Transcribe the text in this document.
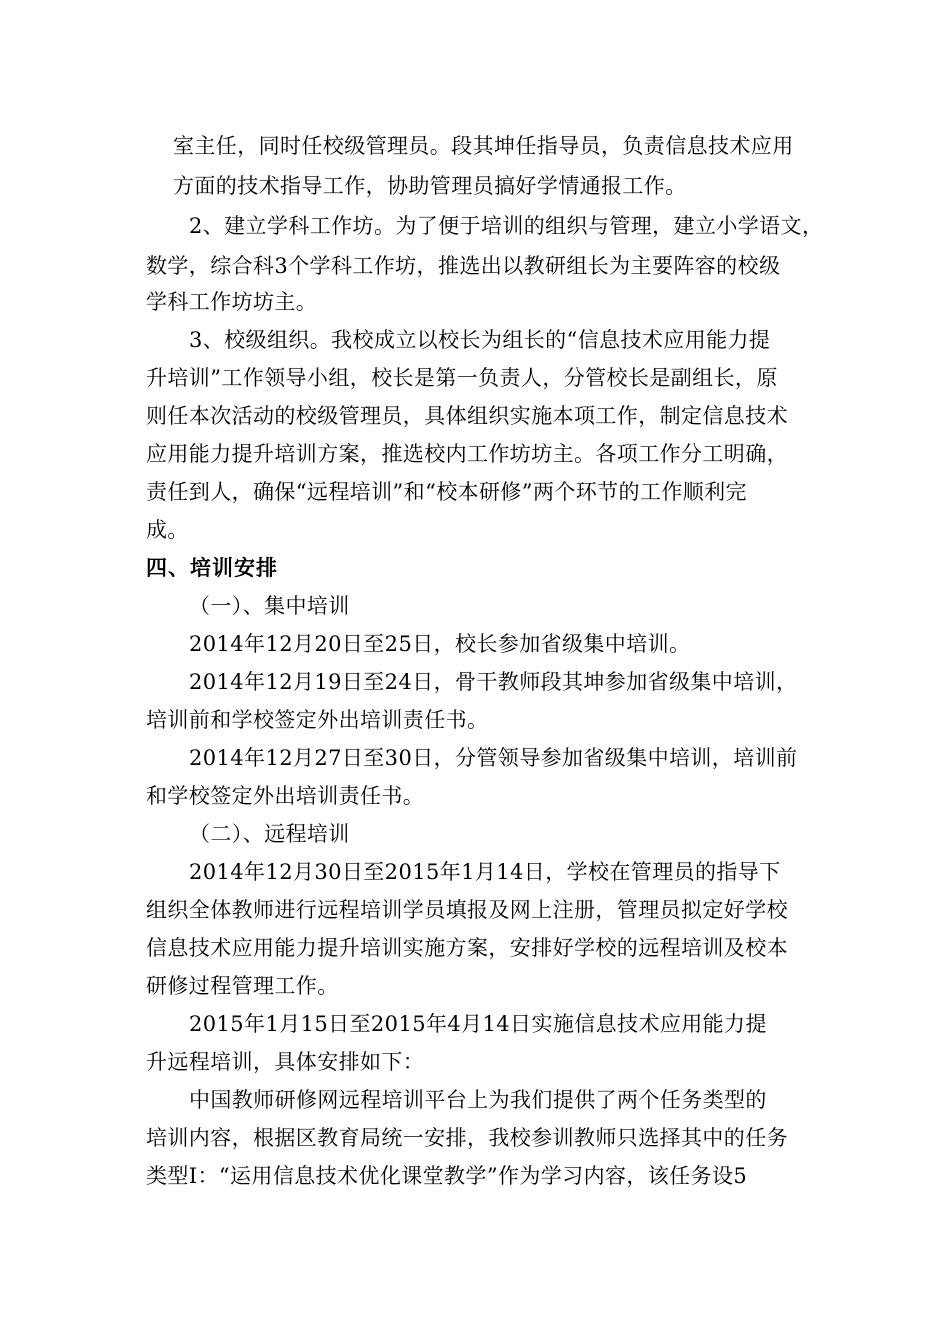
室主任，同时任校级管理员。段其坤任指导员，负责信息技术应用
方面的技术指导工作，协助管理员搞好学情通报工作。
2、建立学科工作坊。为了便于培训的组织与管理，建立小学语文，
数学，综合科3个学科工作坊，推选出以教研组长为主要阵容的校级
学科工作坊坊主。
3、校级组织。我校成立以校长为组长的“信息技术应用能力提
升培训”工作领导小组，校长是第一负责人，分管校长是副组长，原
则任本次活动的校级管理员，具体组织实施本项工作，制定信息技术
应用能力提升培训方案，推选校内工作坊坊主。各项工作分工明确，
责任到人，确保“远程培训”和“校本研修”两个环节的工作顺利完
成。
四、培训安排
（一）、集中培训
2014年12月20日至25日，校长参加省级集中培训。
2014年12月19日至24日，骨干教师段其坤参加省级集中培训，
培训前和学校签定外出培训责任书。
2014年12月27日至30日，分管领导参加省级集中培训，培训前
和学校签定外出培训责任书。
（二）、远程培训
2014年12月30日至2015年1月14日，学校在管理员的指导下
组织全体教师进行远程培训学员填报及网上注册，管理员拟定好学校
信息技术应用能力提升培训实施方案，安排好学校的远程培训及校本
研修过程管理工作。
2015年1月15日至2015年4月14日实施信息技术应用能力提
升远程培训，具体安排如下：
中国教师研修网远程培训平台上为我们提供了两个任务类型的
培训内容，根据区教育局统一安排，我校参训教师只选择其中的任务
类型Ⅰ：“运用信息技术优化课堂教学”作为学习内容，该任务设5
